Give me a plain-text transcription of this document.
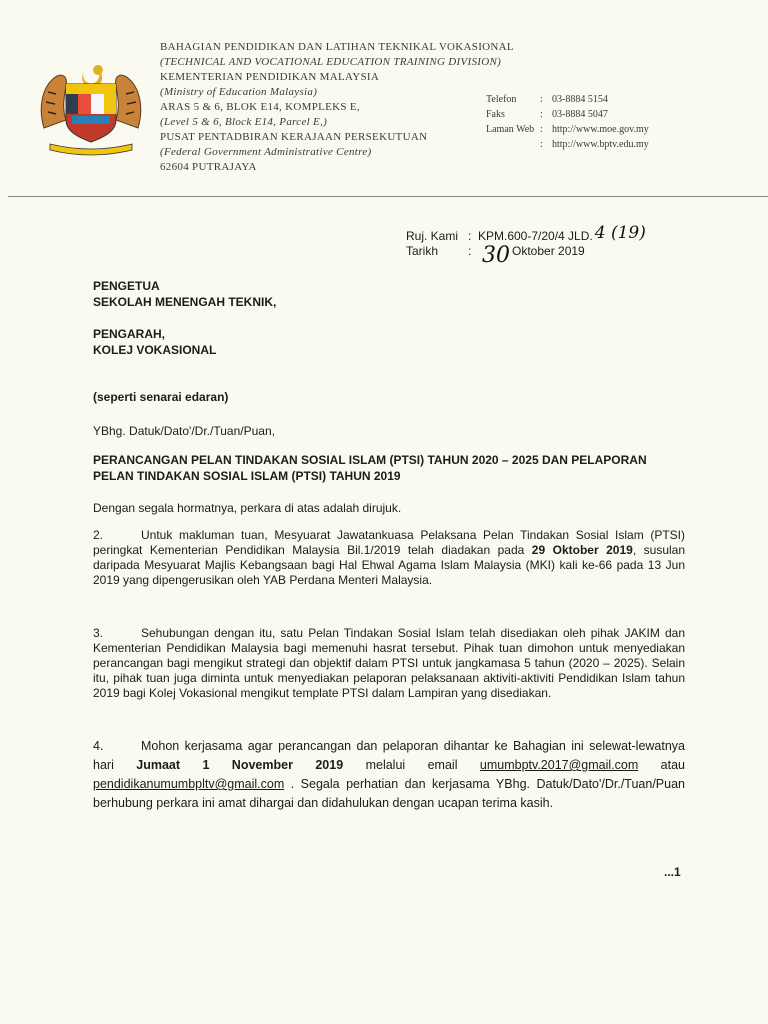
BAHAGIAN PENDIDIKAN DAN LATIHAN TEKNIKAL VOKASIONAL
(TECHNICAL AND VOCATIONAL EDUCATION TRAINING DIVISION)
KEMENTERIAN PENDIDIKAN MALAYSIA
(Ministry of Education Malaysia)
ARAS 5 & 6, BLOK E14, KOMPLEKS E,
(Level 5 & 6, Block E14, Parcel E,)
PUSAT PENTADBIRAN KERAJAAN PERSEKUTUAN
(Federal Government Administrative Centre)
62604 PUTRAJAYA
Telefon	: 03-8884 5154
Faks	: 03-8884 5047
Laman Web : http://www.moe.gov.my
: http://www.bptv.edu.my
Ruj. Kami : KPM.600-7/20/4 JLD. 4 (19)
Tarikh	: 30 Oktober 2019
PENGETUA
SEKOLAH MENENGAH TEKNIK,
PENGARAH,
KOLEJ VOKASIONAL
(seperti senarai edaran)

YBhg. Datuk/Dato'/Dr./Tuan/Puan,

PERANCANGAN PELAN TINDAKAN SOSIAL ISLAM (PTSI) TAHUN 2020 – 2025 DAN PELAPORAN PELAN TINDAKAN SOSIAL ISLAM (PTSI) TAHUN 2019

Dengan segala hormatnya, perkara di atas adalah dirujuk.

2.	Untuk makluman tuan, Mesyuarat Jawatankuasa Pelaksana Pelan Tindakan Sosial Islam (PTSI) peringkat Kementerian Pendidikan Malaysia Bil.1/2019 telah diadakan pada 29 Oktober 2019, susulan daripada Mesyuarat Majlis Kebangsaan bagi Hal Ehwal Agama Islam Malaysia (MKI) kali ke-66 pada 13 Jun 2019 yang dipengerusikan oleh YAB Perdana Menteri Malaysia.

3.	Sehubungan dengan itu, satu Pelan Tindakan Sosial Islam telah disediakan oleh pihak JAKIM dan Kementerian Pendidikan Malaysia bagi memenuhi hasrat tersebut. Pihak tuan dimohon untuk menyediakan perancangan bagi mengikut strategi dan objektif dalam PTSI untuk jangkamasa 5 tahun (2020 – 2025). Selain itu, pihak tuan juga diminta untuk menyediakan pelaporan pelaksanaan aktiviti-aktiviti Pendidikan Islam tahun 2019 bagi Kolej Vokasional mengikut template PTSI dalam Lampiran yang disediakan.

4.	Mohon kerjasama agar perancangan dan pelaporan dihantar ke Bahagian ini selewat-lewatnya hari Jumaat 1 November 2019 melalui email umumbptv.2017@gmail.com atau pendidikanumumbpltv@gmail.com . Segala perhatian dan kerjasama YBhg. Datuk/Dato'/Dr./Tuan/Puan berhubung perkara ini amat dihargai dan didahulukan dengan ucapan terima kasih.

...1
